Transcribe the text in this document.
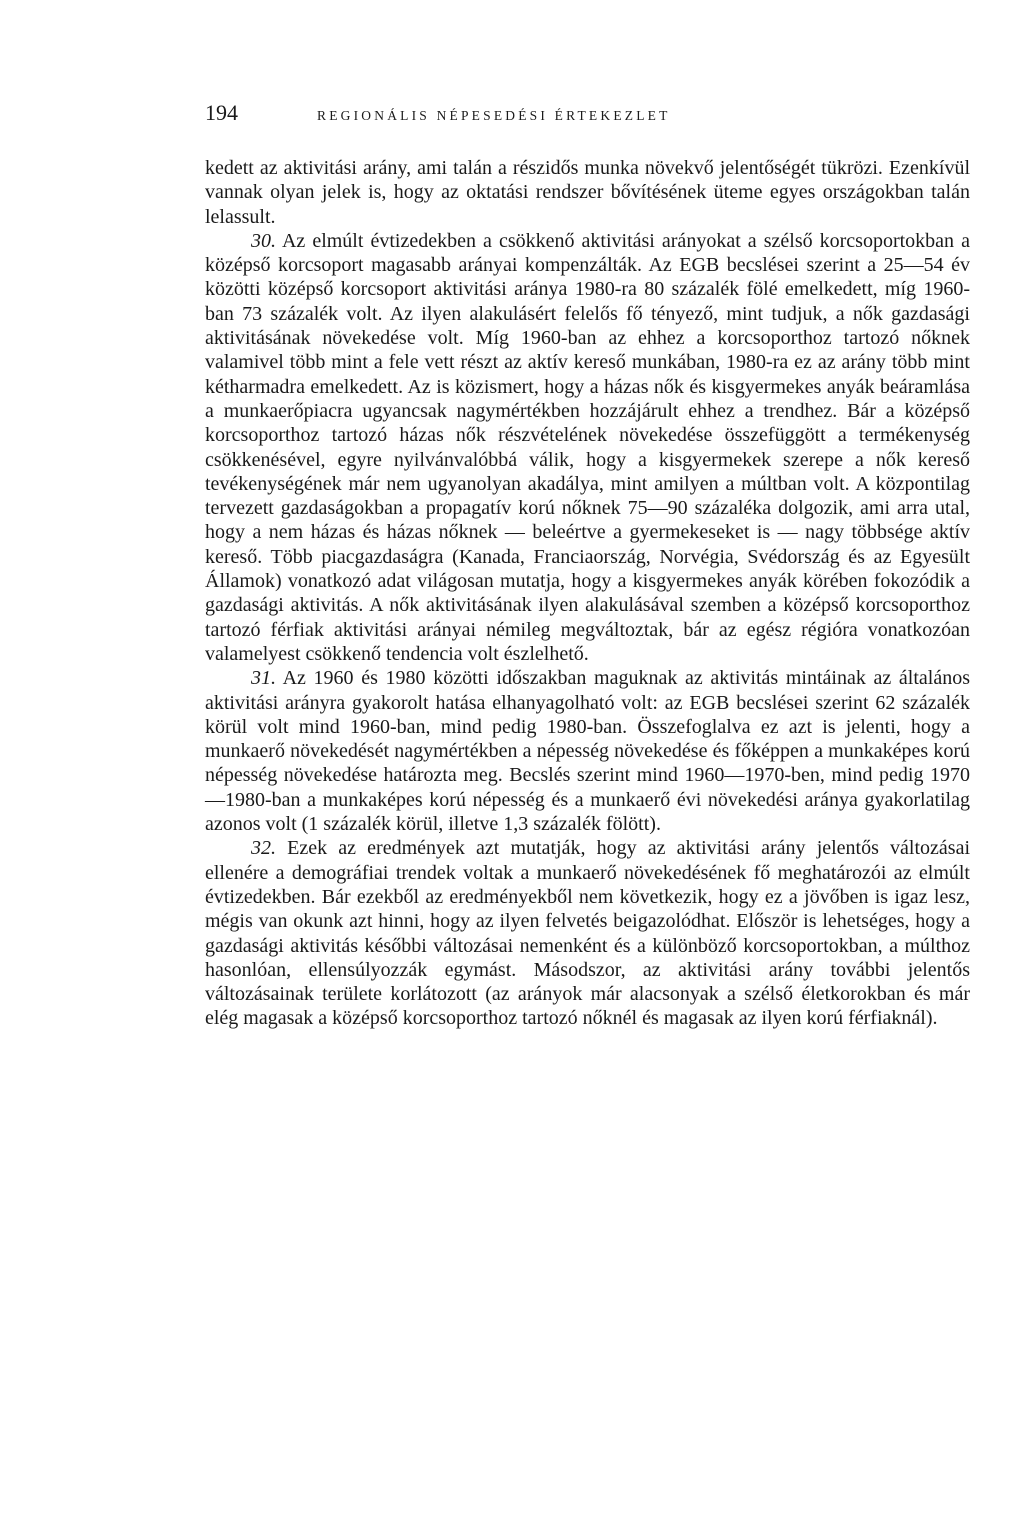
194	REGIONÁLIS NÉPESEDÉSI ÉRTEKEZLET

kedett az aktivitási arány, ami talán a részidős munka növekvő jelentőségét tükrözi. Ezenkívül vannak olyan jelek is, hogy az oktatási rendszer bővítésének üteme egyes országokban talán lelassult.

30. Az elmúlt évtizedekben a csökkenő aktivitási arányokat a szélső korcsoportokban a középső korcsoport magasabb arányai kompenzálták. Az EGB becslései szerint a 25—54 év közötti középső korcsoport aktivitási aránya 1980-ra 80 százalék fölé emelkedett, míg 1960-ban 73 százalék volt. Az ilyen alakulásért felelős fő tényező, mint tudjuk, a nők gazdasági aktivitásának növekedése volt. Míg 1960-ban az ehhez a korcsoporthoz tartozó nőknek valamivel több mint a fele vett részt az aktív kereső munkában, 1980-ra ez az arány több mint kétharmadra emelkedett. Az is közismert, hogy a házas nők és kisgyermekes anyák beáramlása a munkaerőpiacra ugyancsak nagymértékben hozzájárult ehhez a trendhez. Bár a középső korcsoporthoz tartozó házas nők részvételének növekedése összefüggött a termékenység csökkenésével, egyre nyilvánvalóbbá válik, hogy a kisgyermekek szerepe a nők kereső tevékenységének már nem ugyanolyan akadálya, mint amilyen a múltban volt. A központilag tervezett gazdaságokban a propagatív korú nőknek 75—90 százaléka dolgozik, ami arra utal, hogy a nem házas és házas nőknek — beleértve a gyermekeseket is — nagy többsége aktív kereső. Több piacgazdaságra (Kanada, Franciaország, Norvégia, Svédország és az Egyesült Államok) vonatkozó adat világosan mutatja, hogy a kisgyermekes anyák körében fokozódik a gazdasági aktivitás. A nők aktivitásának ilyen alakulásával szemben a középső korcsoporthoz tartozó férfiak aktivitási arányai némileg megváltoztak, bár az egész régióra vonatkozóan valamelyest csökkenő tendencia volt észlelhető.

31. Az 1960 és 1980 közötti időszakban maguknak az aktivitás mintáinak az általános aktivitási arányra gyakorolt hatása elhanyagolható volt: az EGB becslései szerint 62 százalék körül volt mind 1960-ban, mind pedig 1980-ban. Összefoglalva ez azt is jelenti, hogy a munkaerő növekedését nagymértékben a népesség növekedése és főképpen a munkaképes korú népesség növekedése határozta meg. Becslés szerint mind 1960—1970-ben, mind pedig 1970—1980-ban a munkaképes korú népesség és a munkaerő évi növekedési aránya gyakorlatilag azonos volt (1 százalék körül, illetve 1,3 százalék fölött).

32. Ezek az eredmények azt mutatják, hogy az aktivitási arány jelentős változásai ellenére a demográfiai trendek voltak a munkaerő növekedésének fő meghatározói az elmúlt évtizedekben. Bár ezekből az eredményekből nem következik, hogy ez a jövőben is igaz lesz, mégis van okunk azt hinni, hogy az ilyen felvetés beigazolódhat. Először is lehetséges, hogy a gazdasági aktivitás későbbi változásai nemenként és a különböző korcsoportokban, a múlthoz hasonlóan, ellensúlyozzák egymást. Másodszor, az aktivitási arány további jelentős változásainak területe korlátozott (az arányok már alacsonyak a szélső életkorokban és már elég magasak a középső korcsoporthoz tartozó nőknél és magasak az ilyen korú férfiaknál).
